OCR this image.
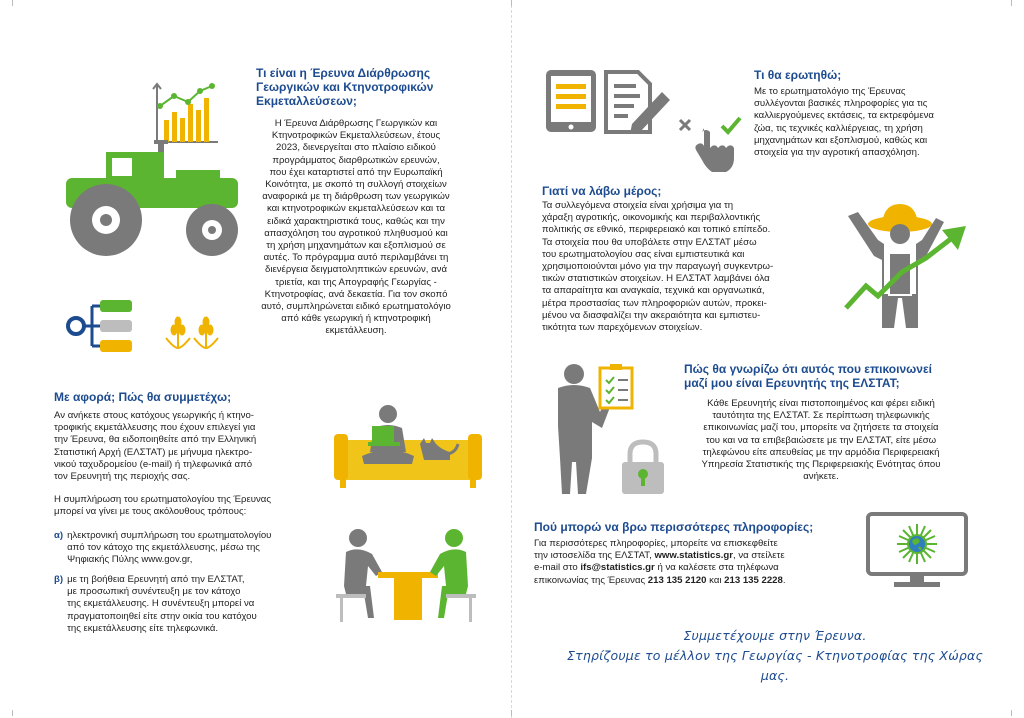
Τι είναι η Έρευνα Διάρθρωσης Γεωργικών και Κτηνοτροφικών Εκμεταλλεύσεων;
Η Έρευνα Διάρθρωσης Γεωργικών και
Κτηνοτροφικών Εκμεταλλεύσεων, έτους
2023, διενεργείται στο πλαίσιο ειδικού
προγράμματος διαρθρωτικών ερευνών,
που έχει καταρτιστεί από την Ευρωπαϊκή
Κοινότητα, με σκοπό τη συλλογή στοιχείων
αναφορικά με τη διάρθρωση των γεωργικών
και κτηνοτροφικών εκμεταλλεύσεων και τα
ειδικά χαρακτηριστικά τους, καθώς και την
απασχόληση του αγροτικού πληθυσμού και
τη χρήση μηχανημάτων και εξοπλισμού σε
αυτές. Το πρόγραμμα αυτό περιλαμβάνει τη
διενέργεια δειγματοληπτικών ερευνών, ανά
τριετία, και της Απογραφής Γεωργίας -
Κτηνοτροφίας, ανά δεκαετία. Για τον σκοπό
αυτό, συμπληρώνεται ειδικό ερωτηματολόγιο
από κάθε γεωργική ή κτηνοτροφική
εκμετάλλευση.
Με αφορά; Πώς θα συμμετέχω;
Αν ανήκετε στους κατόχους γεωργικής ή κτηνο-
τροφικής εκμετάλλευσης που έχουν επιλεγεί για
την Έρευνα, θα ειδοποιηθείτε από την Ελληνική
Στατιστική Αρχή (ΕΛΣΤΑΤ) με μήνυμα ηλεκτρο-
νικού ταχυδρομείου (e-mail) ή τηλεφωνικά από
τον Ερευνητή της περιοχής σας.
Η συμπλήρωση του ερωτηματολογίου της Έρευνας
μπορεί να γίνει με τους ακόλουθους τρόπους:
α) ηλεκτρονική συμπλήρωση του ερωτηματολογίου
από τον κάτοχο της εκμετάλλευσης, μέσω της
Ψηφιακής Πύλης www.gov.gr,
β) με τη βοήθεια Ερευνητή από την ΕΛΣΤΑΤ,
με προσωπική συνέντευξη με τον κάτοχο
της εκμετάλλευσης. Η συνέντευξη μπορεί να
πραγματοποιηθεί είτε στην οικία του κατόχου
της εκμετάλλευσης είτε τηλεφωνικά.
Τι θα ερωτηθώ;
Με το ερωτηματολόγιο της Έρευνας
συλλέγονται βασικές πληροφορίες για τις
καλλιεργούμενες εκτάσεις, τα εκτρεφόμενα
ζώα, τις τεχνικές καλλιέργειας, τη χρήση
μηχανημάτων και εξοπλισμού, καθώς και
στοιχεία για την αγροτική απασχόληση.
Γιατί να λάβω μέρος;
Τα συλλεγόμενα στοιχεία είναι χρήσιμα για τη
χάραξη αγροτικής, οικονομικής και περιβαλλοντικής
πολιτικής σε εθνικό, περιφερειακό και τοπικό επίπεδο.
Τα στοιχεία που θα υποβάλετε στην ΕΛΣΤΑΤ μέσω
του ερωτηματολογίου σας είναι εμπιστευτικά και
χρησιμοποιούνται μόνο για την παραγωγή συγκεντρω-
τικών στατιστικών στοιχείων. Η ΕΛΣΤΑΤ λαμβάνει όλα
τα απαραίτητα και αναγκαία, τεχνικά και οργανωτικά,
μέτρα προστασίας των πληροφοριών αυτών, προκει-
μένου να διασφαλίζει την ακεραιότητα και εμπιστευ-
τικότητα των παρεχόμενων στοιχείων.
Πώς θα γνωρίζω ότι αυτός που επικοινωνεί
μαζί μου είναι Ερευνητής της ΕΛΣΤΑΤ;
Κάθε Ερευνητής είναι πιστοποιημένος και φέρει ειδική
ταυτότητα της ΕΛΣΤΑΤ. Σε περίπτωση τηλεφωνικής
επικοινωνίας μαζί του, μπορείτε να ζητήσετε τα στοιχεία
του και να τα επιβεβαιώσετε με την ΕΛΣΤΑΤ, είτε μέσω
τηλεφώνου είτε απευθείας με την αρμόδια Περιφερειακή
Υπηρεσία Στατιστικής της Περιφερειακής Ενότητας όπου
ανήκετε.
Πού μπορώ να βρω περισσότερες πληροφορίες;
Για περισσότερες πληροφορίες, μπορείτε να επισκεφθείτε
την ιστοσελίδα της ΕΛΣΤΑΤ, www.statistics.gr, να στείλετε
e-mail στο ifs@statistics.gr ή να καλέσετε στα τηλέφωνα
επικοινωνίας της Έρευνας 213 135 2120 και 213 135 2228.
Συμμετέχουμε στην Έρευνα.
Στηρίζουμε το μέλλον της Γεωργίας - Κτηνοτροφίας της Χώρας μας.
